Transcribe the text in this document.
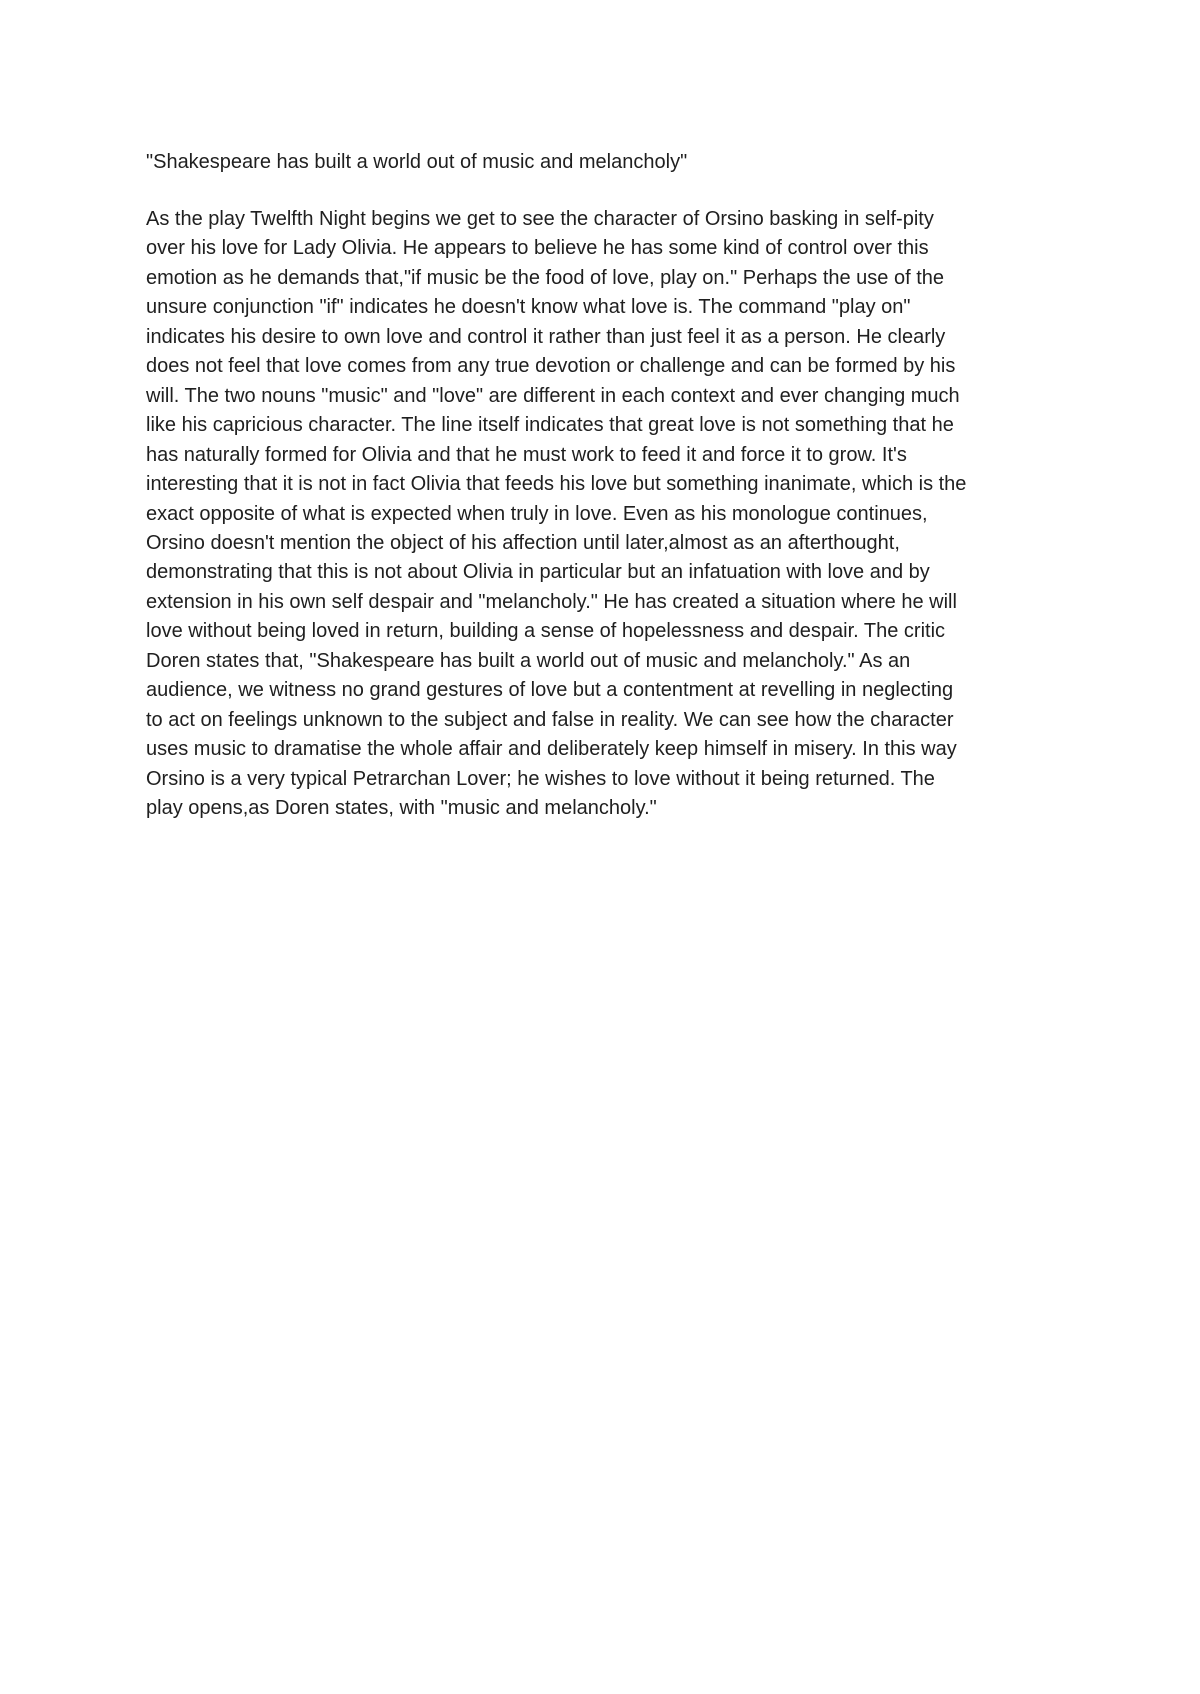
"Shakespeare has built a world out of music and melancholy"
As the play Twelfth Night begins we get to see the character of Orsino basking in self-pity
over his love for Lady Olivia. He appears to believe he has some kind of control over this
emotion as he demands that,"if music be the food of love, play on." Perhaps the use of the
unsure conjunction "if" indicates he doesn't know what love is. The command "play on"
indicates his desire to own love and control it rather than just feel it as a person. He clearly
does not feel that love comes from any true devotion or challenge and can be formed by his
will. The two nouns "music" and "love" are different in each context and ever changing much
like his capricious character. The line itself indicates that great love is not something that he
has naturally formed for Olivia and that he must work to feed it and force it to grow. It's
interesting that it is not in fact Olivia that feeds his love but something inanimate, which is the
exact opposite of what is expected when truly in love. Even as his monologue continues,
Orsino doesn't mention the object of his affection until later,almost as an afterthought,
demonstrating that this is not about Olivia in particular but an infatuation with love and by
extension in his own self despair and "melancholy." He has created a situation where he will
love without being loved in return, building a sense of hopelessness and despair. The critic
Doren states that, "Shakespeare has built a world out of music and melancholy." As an
audience, we witness no grand gestures of love but a contentment at revelling in neglecting
to act on feelings unknown to the subject and false in reality. We can see how the character
uses music to dramatise the whole affair and deliberately keep himself in misery. In this way
Orsino is a very typical Petrarchan Lover; he wishes to love without it being returned. The
play opens,as Doren states, with "music and melancholy."
